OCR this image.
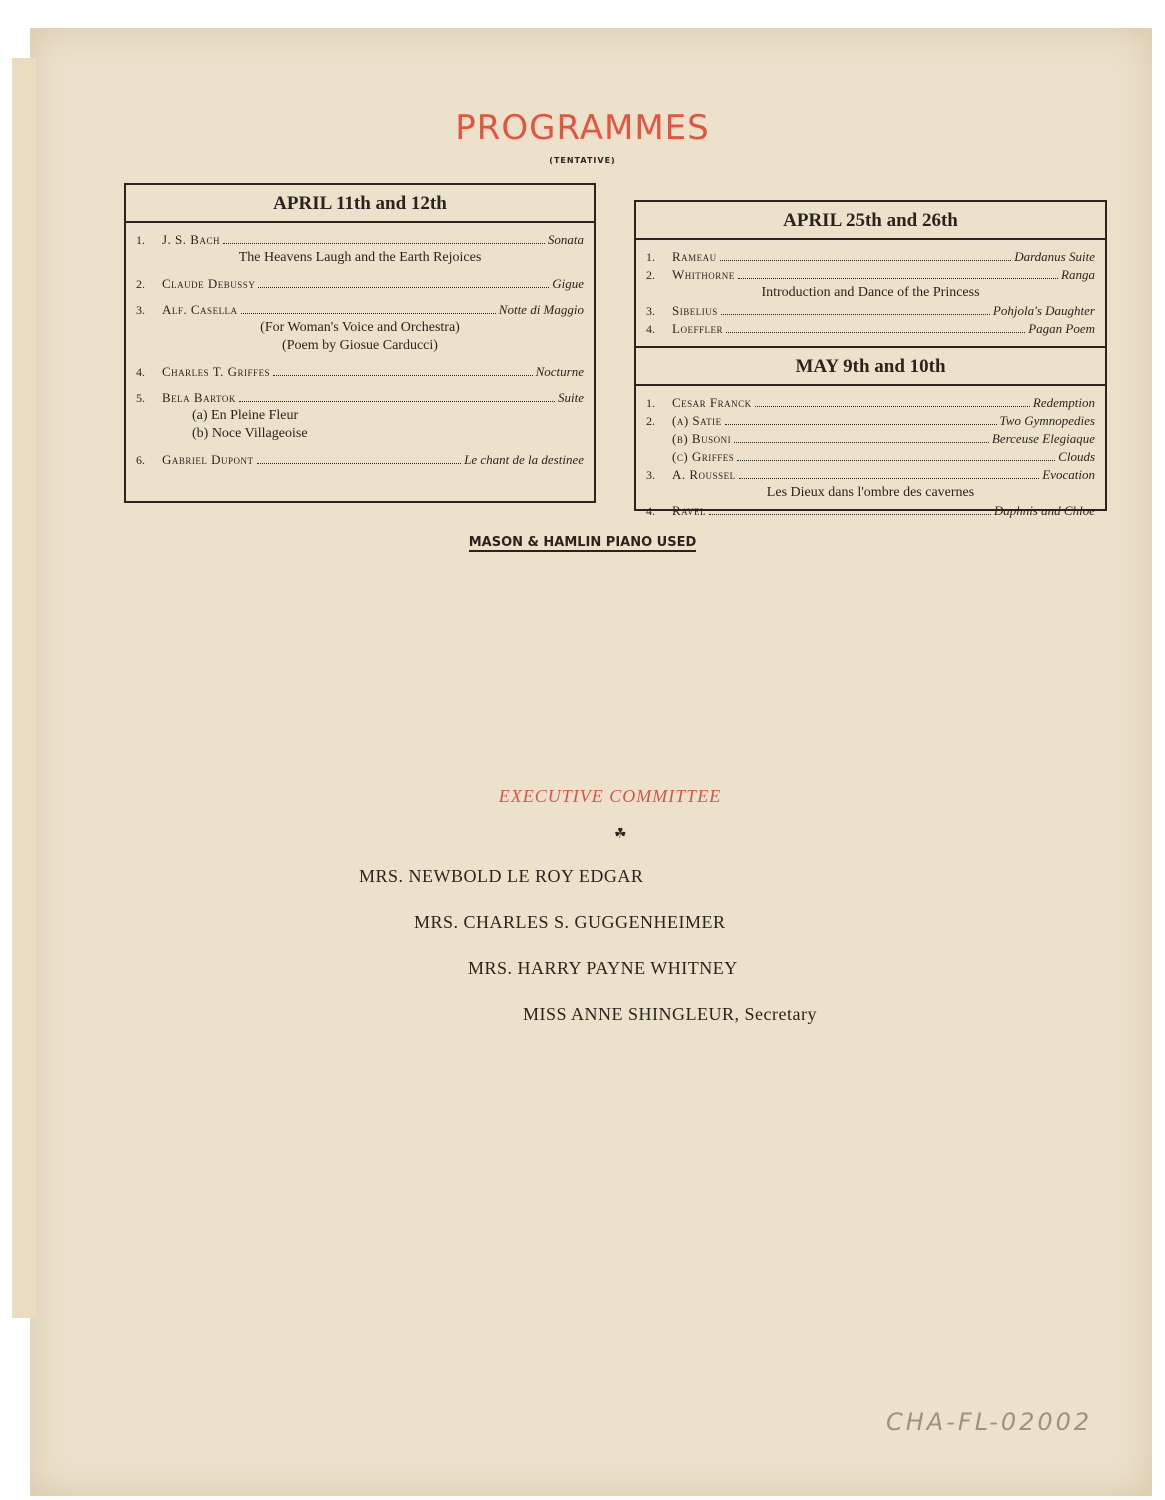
PROGRAMMES
(TENTATIVE)
APRIL 11th and 12th
1.	J. S. Bach	Sonata
The Heavens Laugh and the Earth Rejoices
2.	Claude Debussy	Gigue
3.	Alf. Casella	Notte di Maggio
(For Woman's Voice and Orchestra)
(Poem by Giosue Carducci)
4.	Charles T. Griffes	Nocturne
5.	Bela Bartok	Suite
(a) En Pleine Fleur
(b) Noce Villageoise
6.	Gabriel Dupont	Le chant de la destinee
APRIL 25th and 26th
1.	Rameau	Dardanus Suite
2.	Whithorne	Ranga
Introduction and Dance of the Princess
3.	Sibelius	Pohjola's Daughter
4.	Loeffler	Pagan Poem
MAY 9th and 10th
1.	Cesar Franck	Redemption
2.	(a) Satie	Two Gymnopedies
(b) Busoni	Berceuse Elegiaque
(c) Griffes	Clouds
3.	A. Roussel	Evocation
Les Dieux dans l'ombre des cavernes
4.	Ravel	Daphnis and Chloe
MASON & HAMLIN PIANO USED
EXECUTIVE COMMITTEE
☘
MRS. NEWBOLD LE ROY EDGAR
MRS. CHARLES S. GUGGENHEIMER
MRS. HARRY PAYNE WHITNEY
MISS ANNE SHINGLEUR, Secretary
CHA-FL-02002
